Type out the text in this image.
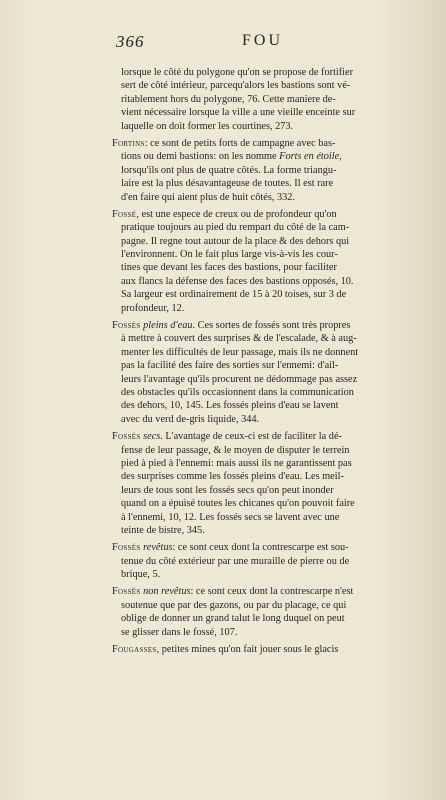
366	FOU
lorsque le côté du polygone qu'on se propose de fortifier
sert de côté intérieur, parcequ'alors les bastions sont vé-
ritablement hors du polygone, 76. Cette maniere de-
vient nécessaire lorsque la ville a une vieille enceinte sur
laquelle on doit former les courtines, 273.
Fortins: ce sont de petits forts de campagne avec bas-
tions ou demi bastions: on les nomme Forts en étoile,
lorsqu'ils ont plus de quatre côtés. La forme triangu-
laire est la plus désavantageuse de toutes. Il est rare
d'en faire qui aient plus de huit côtés, 332.
Fossé, est une espece de creux ou de profondeur qu'on
pratique toujours au pied du rempart du côté de la cam-
pagne. Il regne tout autour de la place & des dehors qui
l'environnent. On le fait plus large vis-à-vis les cour-
tines que devant les faces des bastions, pour faciliter
aux flancs la défense des faces des bastions opposés, 10.
Sa largeur est ordinairement de 15 à 20 toises, sur 3 de
profondeur, 12.
Fossés pleins d'eau. Ces sortes de fossés sont très propres
à mettre à couvert des surprises & de l'escalade, & à aug-
menter les difficultés de leur passage, mais ils ne donnent
pas la facilité des faire des sorties sur l'ennemi: d'ail-
leurs l'avantage qu'ils procurent ne dédommage pas assez
des obstacles qu'ils occasionnent dans la communication
des dehors, 10, 145. Les fossés pleins d'eau se lavent
avec du verd de-gris liquide, 344.
Fossés secs. L'avantage de ceux-ci est de faciliter la dé-
fense de leur passage, & le moyen de disputer le terrein
pied à pied à l'ennemi: mais aussi ils ne garantissent pas
des surprises comme les fossés pleins d'eau. Les meil-
leurs de tous sont les fossés secs qu'on peut inonder
quand on a épuisé toutes les chicanes qu'on pouvoit faire
à l'ennemi, 10, 12. Les fossés secs se lavent avec une
teinte de bistre, 345.
Fossés revêtus: ce sont ceux dont la contrescarpe est sou-
tenue du côté extérieur par une muraille de pierre ou de
brique, 5.
Fossés non revêtus: ce sont ceux dont la contrescarpe n'est
soutenue que par des gazons, ou par du placage, ce qui
oblige de donner un grand talut le long duquel on peut
se glisser dans le fossé, 107.
Fougasses, petites mines qu'on fait jouer sous le glacis
